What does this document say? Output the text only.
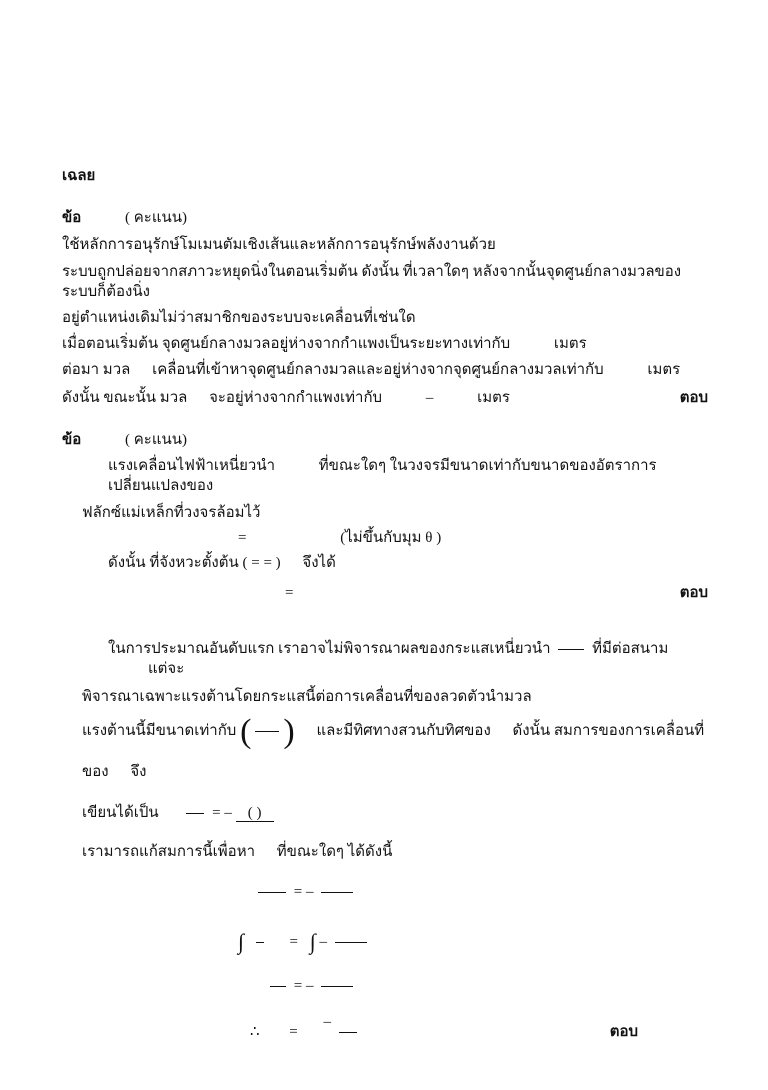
เฉลย
ข้อ	( คะแนน)
ใช้หลักการอนุรักษ์โมเมนตัมเชิงเส้นและหลักการอนุรักษ์พลังงานด้วย
ระบบถูกปล่อยจากสภาวะหยุดนิ่งในตอนเริ่มต้น ดังนั้น ที่เวลาใดๆ หลังจากนั้นจุดศูนย์กลางมวลของระบบก็ต้องนิ่ง
อยู่ตำแหน่งเดิมไม่ว่าสมาชิกของระบบจะเคลื่อนที่เช่นใด
เมื่อตอนเริ่มต้น จุดศูนย์กลางมวลอยู่ห่างจากกำแพงเป็นระยะทางเท่ากับ	เมตร
ต่อมา มวล เคลื่อนที่เข้าหาจุดศูนย์กลางมวลและอยู่ห่างจากจุดศูนย์กลางมวลเท่ากับ	เมตร
ตอบ
ดังนั้น ขณะนั้น มวล จะอยู่ห่างจากกำแพงเท่ากับ	–	เมตร
ข้อ	( คะแนน)
แรงเคลื่อนไฟฟ้าเหนี่ยวนำ	ที่ขณะใดๆ ในวงจรมีขนาดเท่ากับขนาดของอัตราการเปลี่ยนแปลงของ
ฟลักซ์แม่เหล็กที่วงจรล้อมไว้
=	(ไม่ขึ้นกับมุม θ )
ดังนั้น ที่จังหวะตั้งต้น ( = = ) จึงได้
ตอบ
=
ในการประมาณอันดับแรก เราอาจไม่พิจารณาผลของกระแสเหนี่ยวนำ	ที่มีต่อสนาม แต่จะ
พิจารณาเฉพาะแรงต้านโดยกระแสนี้ต่อการเคลื่อนที่ของลวดตัวนำมวล
แรงต้านนี้มีขนาดเท่ากับ ( ) และมีทิศทางสวนกับทิศของ ดังนั้น สมการของการเคลื่อนที่ของ จึง
เขียนได้เป็น	= – ( )
เรามารถแก้สมการนี้เพื่อหา ที่ขณะใดๆ ได้ดังนี้
= –
∫	= ∫ –
= –
ตอบ
∴ = –
